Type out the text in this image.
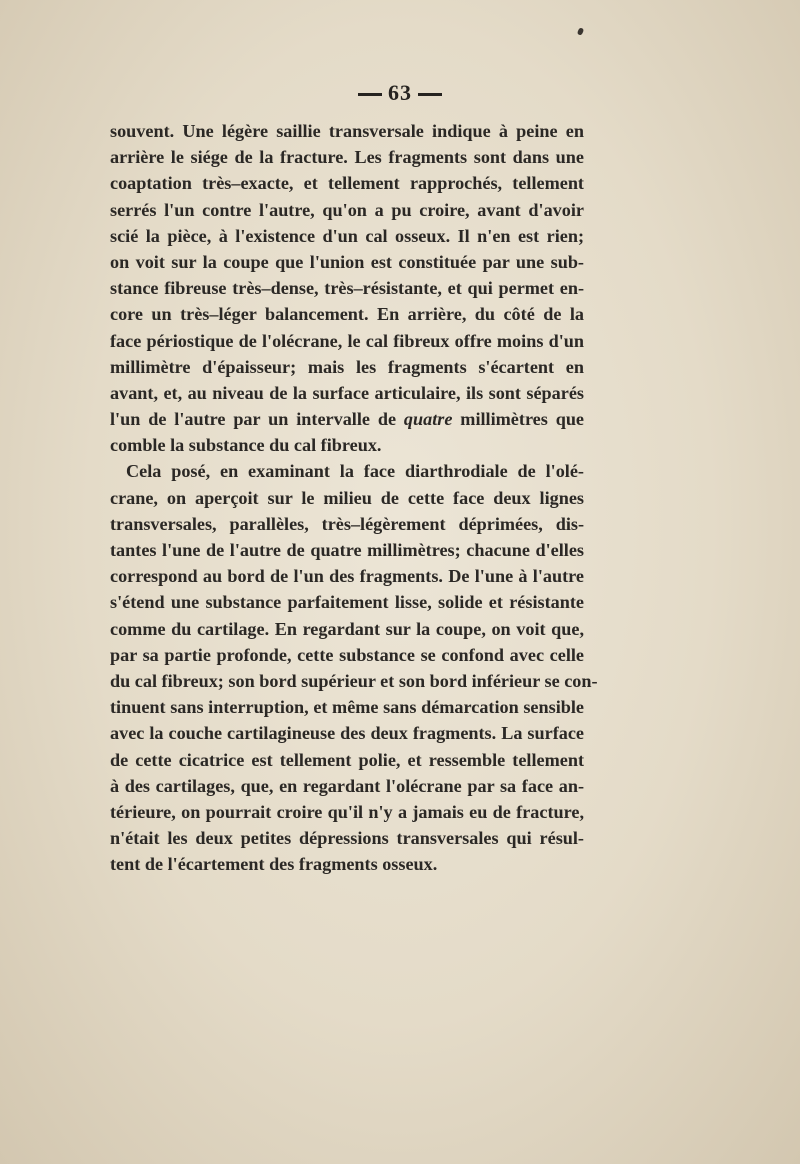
63
souvent. Une légère saillie transversale indique à peine en
arrière le siége de la fracture. Les fragments sont dans une
coaptation très–exacte, et tellement rapprochés, tellement
serrés l'un contre l'autre, qu'on a pu croire, avant d'avoir
scié la pièce, à l'existence d'un cal osseux. Il n'en est rien;
on voit sur la coupe que l'union est constituée par une sub-
stance fibreuse très–dense, très–résistante, et qui permet en-
core un très–léger balancement. En arrière, du côté de la
face périostique de l'olécrane, le cal fibreux offre moins d'un
millimètre d'épaisseur; mais les fragments s'écartent en
avant, et, au niveau de la surface articulaire, ils sont séparés
l'un de l'autre par un intervalle de quatre millimètres que
comble la substance du cal fibreux.
Cela posé, en examinant la face diarthrodiale de l'olé-
crane, on aperçoit sur le milieu de cette face deux lignes
transversales, parallèles, très–légèrement déprimées, dis-
tantes l'une de l'autre de quatre millimètres; chacune d'elles
correspond au bord de l'un des fragments. De l'une à l'autre
s'étend une substance parfaitement lisse, solide et résistante
comme du cartilage. En regardant sur la coupe, on voit que,
par sa partie profonde, cette substance se confond avec celle
du cal fibreux; son bord supérieur et son bord inférieur se con-
tinuent sans interruption, et même sans démarcation sensible
avec la couche cartilagineuse des deux fragments. La surface
de cette cicatrice est tellement polie, et ressemble tellement
à des cartilages, que, en regardant l'olécrane par sa face an-
térieure, on pourrait croire qu'il n'y a jamais eu de fracture,
n'était les deux petites dépressions transversales qui résul-
tent de l'écartement des fragments osseux.
